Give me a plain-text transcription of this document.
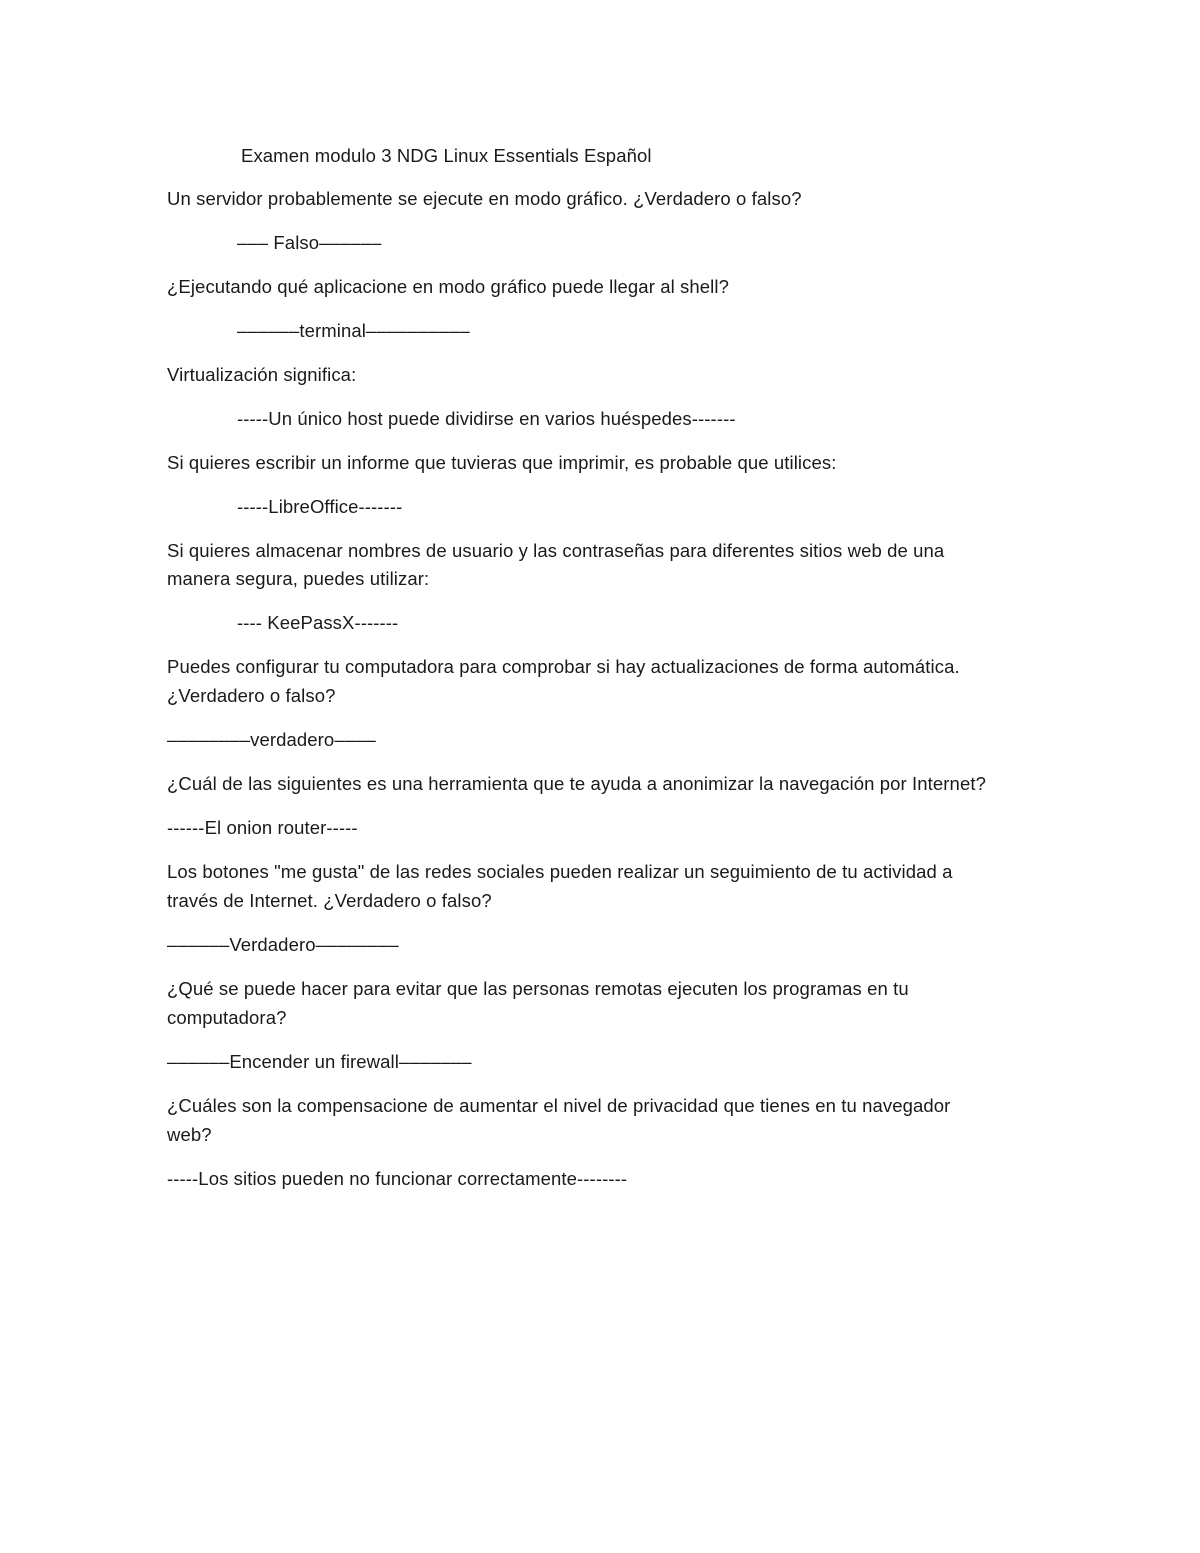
Examen modulo 3 NDG Linux Essentials Español
Un servidor probablemente se ejecute en modo gráfico. ¿Verdadero o falso?
––– Falso––––––
¿Ejecutando qué aplicacione en modo gráfico puede llegar al shell?
––––––terminal––––––––––
Virtualización significa:
-----Un único host puede dividirse en varios huéspedes-------
Si quieres escribir un informe que tuvieras que imprimir, es probable que utilices:
-----LibreOffice-------
Si quieres almacenar nombres de usuario y las contraseñas para diferentes sitios web de una
manera segura, puedes utilizar:
---- KeePassX-------
Puedes configurar tu computadora para comprobar si hay actualizaciones de forma automática.
¿Verdadero o falso?
––––––––verdadero––––
¿Cuál de las siguientes es una herramienta que te ayuda a anonimizar la navegación por Internet?
------El onion router-----
Los botones "me gusta" de las redes sociales pueden realizar un seguimiento de tu actividad a
través de Internet. ¿Verdadero o falso?
––––––Verdadero––––––––
¿Qué se puede hacer para evitar que las personas remotas ejecuten los programas en tu
computadora?
––––––Encender un firewall–––––––
¿Cuáles son la compensacione de aumentar el nivel de privacidad que tienes en tu navegador
web?
-----Los sitios pueden no funcionar correctamente--------
